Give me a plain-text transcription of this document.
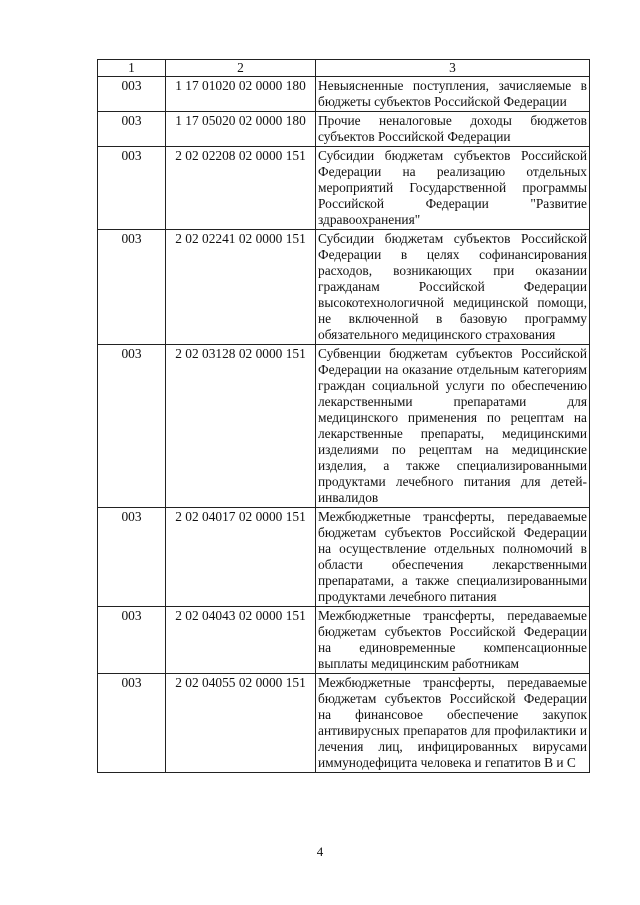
1	2	3
003	1 17 01020 02 0000 180	Невыясненные поступления, зачисляемые в бюджеты субъектов Российской Федерации
003	1 17 05020 02 0000 180	Прочие неналоговые доходы бюджетов субъектов Российской Федерации
003	2 02 02208 02 0000 151	Субсидии бюджетам субъектов Российской Федерации на реализацию отдельных мероприятий Государственной программы Российской Федерации "Развитие здравоохранения"
003	2 02 02241 02 0000 151	Субсидии бюджетам субъектов Российской Федерации в целях софинансирования расходов, возникающих при оказании гражданам Российской Федерации высокотехнологичной медицинской помощи, не включенной в базовую программу обязательного медицинского страхования
003	2 02 03128 02 0000 151	Субвенции бюджетам субъектов Российской Федерации на оказание отдельным категориям граждан социальной услуги по обеспечению лекарственными препаратами для медицинского применения по рецептам на лекарственные препараты, медицинскими изделиями по рецептам на медицинские изделия, а также специализированными продуктами лечебного питания для детей-инвалидов
003	2 02 04017 02 0000 151	Межбюджетные трансферты, передаваемые бюджетам субъектов Российской Федерации на осуществление отдельных полномочий в области обеспечения лекарственными препаратами, а также специализированными продуктами лечебного питания
003	2 02 04043 02 0000 151	Межбюджетные трансферты, передаваемые бюджетам субъектов Российской Федерации на единовременные компенсационные выплаты медицинским работникам
003	2 02 04055 02 0000 151	Межбюджетные трансферты, передаваемые бюджетам субъектов Российской Федерации на финансовое обеспечение закупок антивирусных препаратов для профилактики и лечения лиц, инфицированных вирусами иммунодефицита человека и гепатитов В и С
4
